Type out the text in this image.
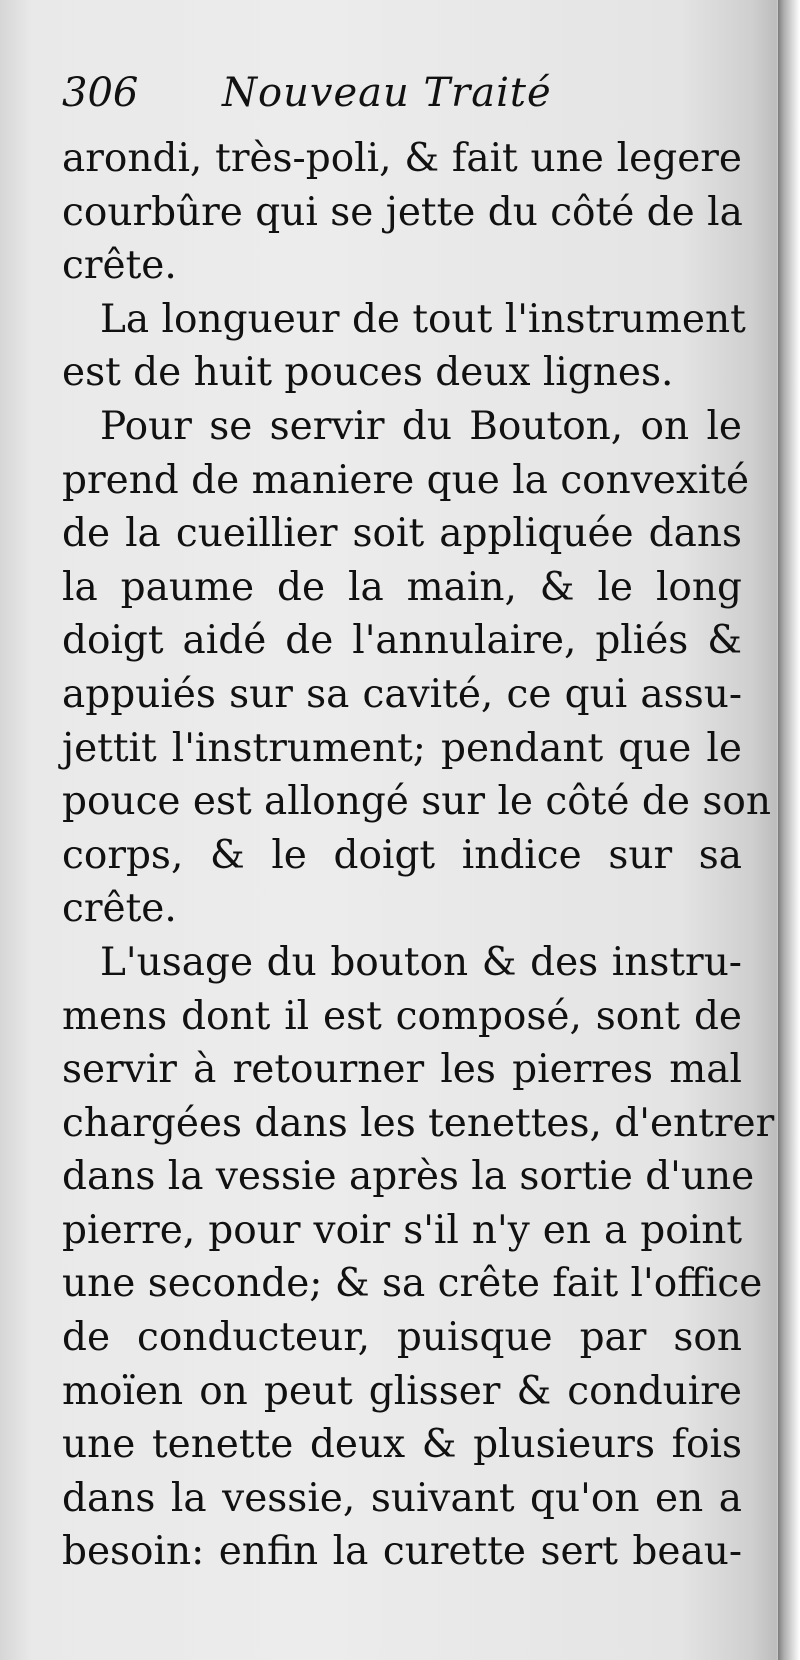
306	Nouveau Traité
arondi, très-poli, & fait une legere
courbûre qui se jette du côté de la
crête.
La longueur de tout l'instrument
est de huit pouces deux lignes.
Pour se servir du Bouton, on le
prend de maniere que la convexité
de la cueillier soit appliquée dans
la paume de la main, & le long
doigt aidé de l'annulaire, pliés &
appuiés sur sa cavité, ce qui assu-
jettit l'instrument; pendant que le
pouce est allongé sur le côté de son
corps, & le doigt indice sur sa
crête.
L'usage du bouton & des instru-
mens dont il est composé, sont de
servir à retourner les pierres mal
chargées dans les tenettes, d'entrer
dans la vessie après la sortie d'une
pierre, pour voir s'il n'y en a point
une seconde; & sa crête fait l'office
de conducteur, puisque par son
moïen on peut glisser & conduire
une tenette deux & plusieurs fois
dans la vessie, suivant qu'on en a
besoin: enfin la curette sert beau-
